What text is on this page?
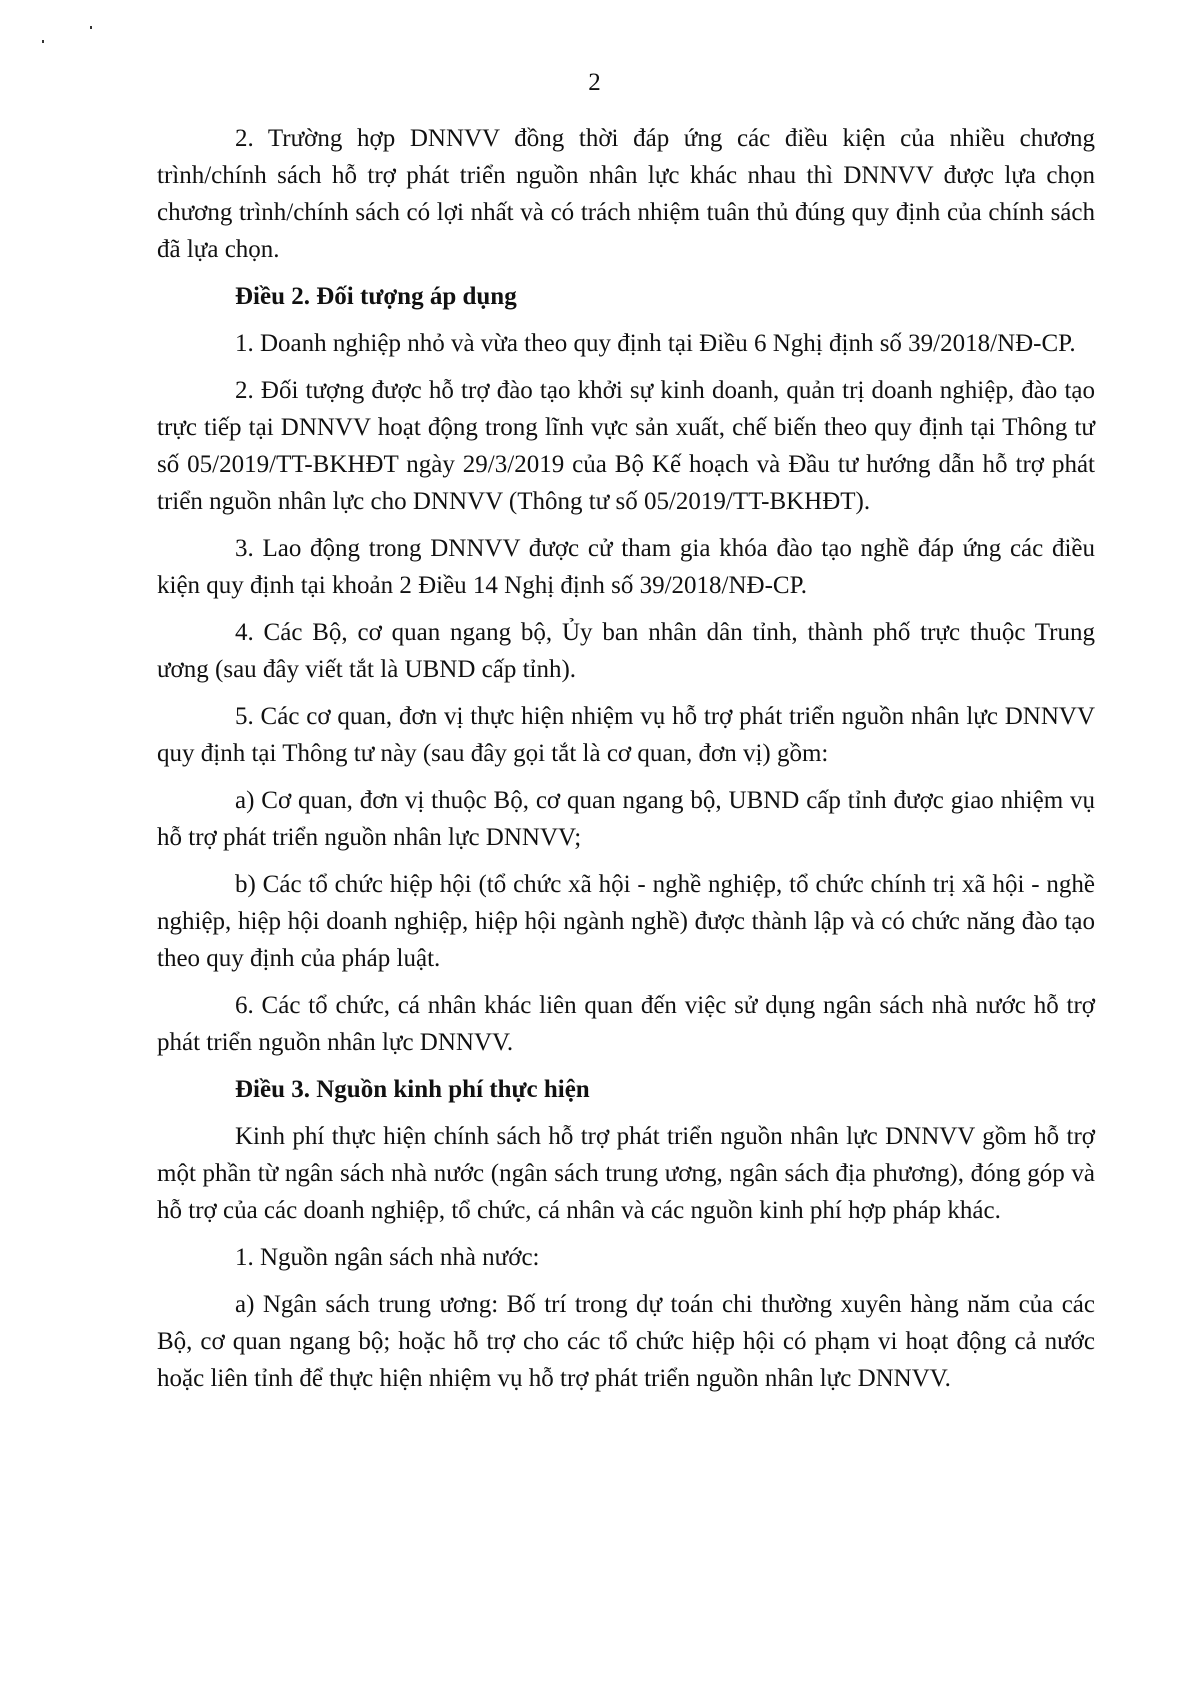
2

2. Trường hợp DNNVV đồng thời đáp ứng các điều kiện của nhiều chương trình/chính sách hỗ trợ phát triển nguồn nhân lực khác nhau thì DNNVV được lựa chọn chương trình/chính sách có lợi nhất và có trách nhiệm tuân thủ đúng quy định của chính sách đã lựa chọn.

Điều 2. Đối tượng áp dụng

1. Doanh nghiệp nhỏ và vừa theo quy định tại Điều 6 Nghị định số 39/2018/NĐ-CP.

2. Đối tượng được hỗ trợ đào tạo khởi sự kinh doanh, quản trị doanh nghiệp, đào tạo trực tiếp tại DNNVV hoạt động trong lĩnh vực sản xuất, chế biến theo quy định tại Thông tư số 05/2019/TT-BKHĐT ngày 29/3/2019 của Bộ Kế hoạch và Đầu tư hướng dẫn hỗ trợ phát triển nguồn nhân lực cho DNNVV (Thông tư số 05/2019/TT-BKHĐT).

3. Lao động trong DNNVV được cử tham gia khóa đào tạo nghề đáp ứng các điều kiện quy định tại khoản 2 Điều 14 Nghị định số 39/2018/NĐ-CP.

4. Các Bộ, cơ quan ngang bộ, Ủy ban nhân dân tỉnh, thành phố trực thuộc Trung ương (sau đây viết tắt là UBND cấp tỉnh).

5. Các cơ quan, đơn vị thực hiện nhiệm vụ hỗ trợ phát triển nguồn nhân lực DNNVV quy định tại Thông tư này (sau đây gọi tắt là cơ quan, đơn vị) gồm:

a) Cơ quan, đơn vị thuộc Bộ, cơ quan ngang bộ, UBND cấp tỉnh được giao nhiệm vụ hỗ trợ phát triển nguồn nhân lực DNNVV;

b) Các tổ chức hiệp hội (tổ chức xã hội - nghề nghiệp, tổ chức chính trị xã hội - nghề nghiệp, hiệp hội doanh nghiệp, hiệp hội ngành nghề) được thành lập và có chức năng đào tạo theo quy định của pháp luật.

6. Các tổ chức, cá nhân khác liên quan đến việc sử dụng ngân sách nhà nước hỗ trợ phát triển nguồn nhân lực DNNVV.

Điều 3. Nguồn kinh phí thực hiện

Kinh phí thực hiện chính sách hỗ trợ phát triển nguồn nhân lực DNNVV gồm hỗ trợ một phần từ ngân sách nhà nước (ngân sách trung ương, ngân sách địa phương), đóng góp và hỗ trợ của các doanh nghiệp, tổ chức, cá nhân và các nguồn kinh phí hợp pháp khác.

1. Nguồn ngân sách nhà nước:

a) Ngân sách trung ương: Bố trí trong dự toán chi thường xuyên hàng năm của các Bộ, cơ quan ngang bộ; hoặc hỗ trợ cho các tổ chức hiệp hội có phạm vi hoạt động cả nước hoặc liên tỉnh để thực hiện nhiệm vụ hỗ trợ phát triển nguồn nhân lực DNNVV.
